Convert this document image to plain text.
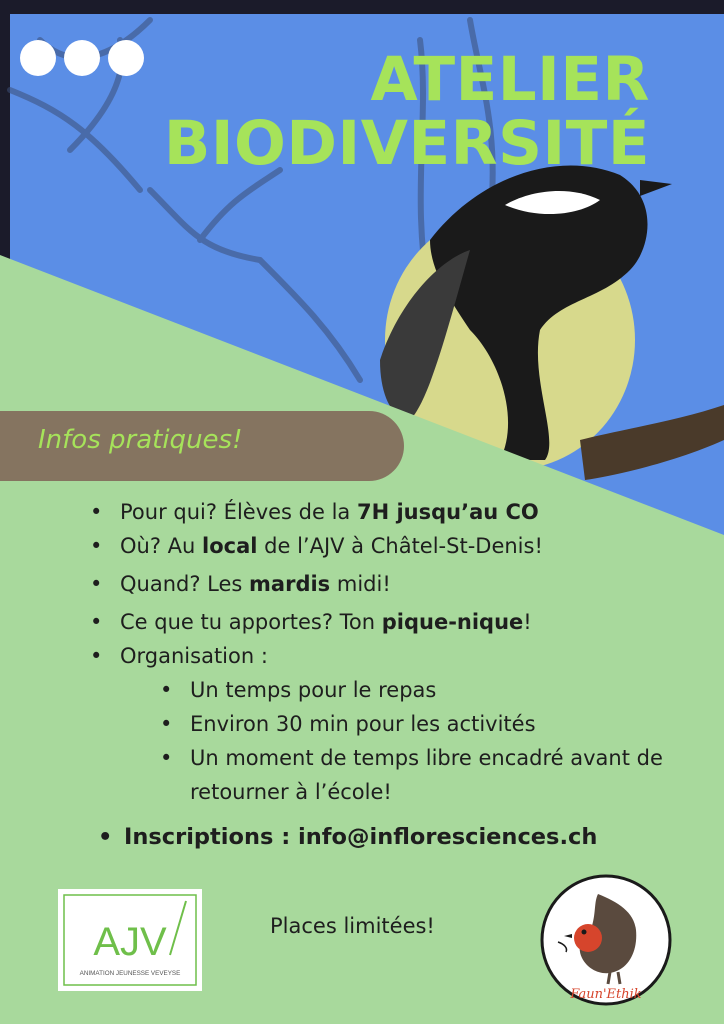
ATELIER
BIODIVERSITÉ
Infos pratiques!
• Pour qui? Élèves de la 7H jusqu’au CO
• Où? Au local de l’AJV à Châtel-St-Denis!
• Quand? Les mardis midi!
• Ce que tu apportes? Ton pique-nique!
• Organisation :
• Un temps pour le repas
• Environ 30 min pour les activités
• Un moment de temps libre encadré avant de retourner à l’école!
• Inscriptions : info@infloresciences.ch
AJV
ANIMATION JEUNESSE VEVEYSE
Places limitées!
Faun'Ethik
